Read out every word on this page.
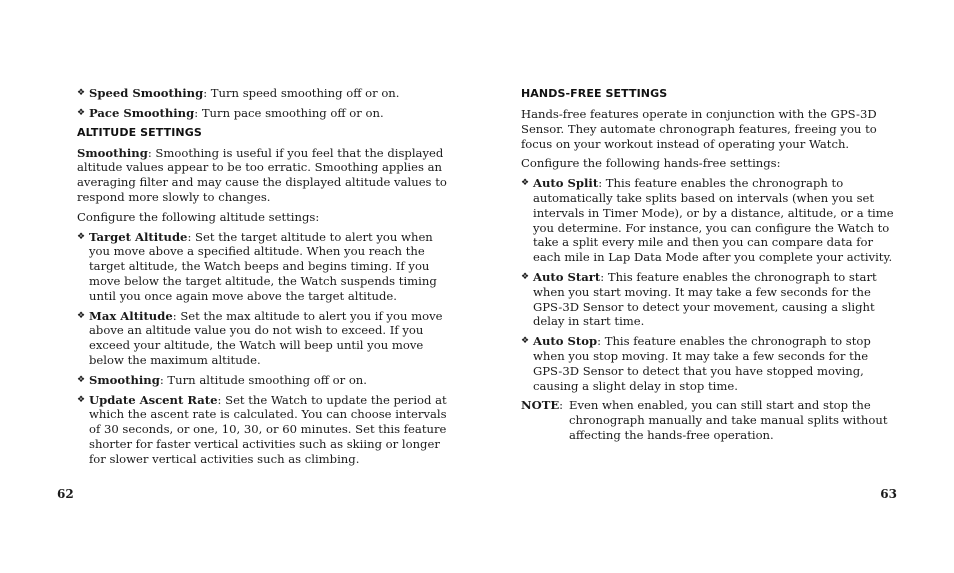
❖ Speed Smoothing: Turn speed smoothing off or on.

❖ Pace Smoothing: Turn pace smoothing off or on.

ALTITUDE SETTINGS

Smoothing: Smoothing is useful if you feel that the displayed altitude values appear to be too erratic. Smoothing applies an averaging filter and may cause the displayed altitude values to respond more slowly to changes.

Configure the following altitude settings:

❖ Target Altitude: Set the target altitude to alert you when you move above a specified altitude. When you reach the target altitude, the Watch beeps and begins timing. If you move below the target altitude, the Watch suspends timing until you once again move above the target altitude.

❖ Max Altitude: Set the max altitude to alert you if you move above an altitude value you do not wish to exceed. If you exceed your altitude, the Watch will beep until you move below the maximum altitude.

❖ Smoothing: Turn altitude smoothing off or on.

❖ Update Ascent Rate: Set the Watch to update the period at which the ascent rate is calculated. You can choose intervals of 30 seconds, or one, 10, 30, or 60 minutes. Set this feature shorter for faster vertical activities such as skiing or longer for slower vertical activities such as climbing.

62

HANDS-FREE SETTINGS

Hands-free features operate in conjunction with the GPS-3D Sensor. They automate chronograph features, freeing you to focus on your workout instead of operating your Watch.

Configure the following hands-free settings:

❖ Auto Split: This feature enables the chronograph to automatically take splits based on intervals (when you set intervals in Timer Mode), or by a distance, altitude, or a time you determine. For instance, you can configure the Watch to take a split every mile and then you can compare data for each mile in Lap Data Mode after you complete your activity.

❖ Auto Start: This feature enables the chronograph to start when you start moving. It may take a few seconds for the GPS-3D Sensor to detect your movement, causing a slight delay in start time.

❖ Auto Stop: This feature enables the chronograph to stop when you stop moving. It may take a few seconds for the GPS-3D Sensor to detect that you have stopped moving, causing a slight delay in stop time.

NOTE: Even when enabled, you can still start and stop the chronograph manually and take manual splits without affecting the hands-free operation.
63
